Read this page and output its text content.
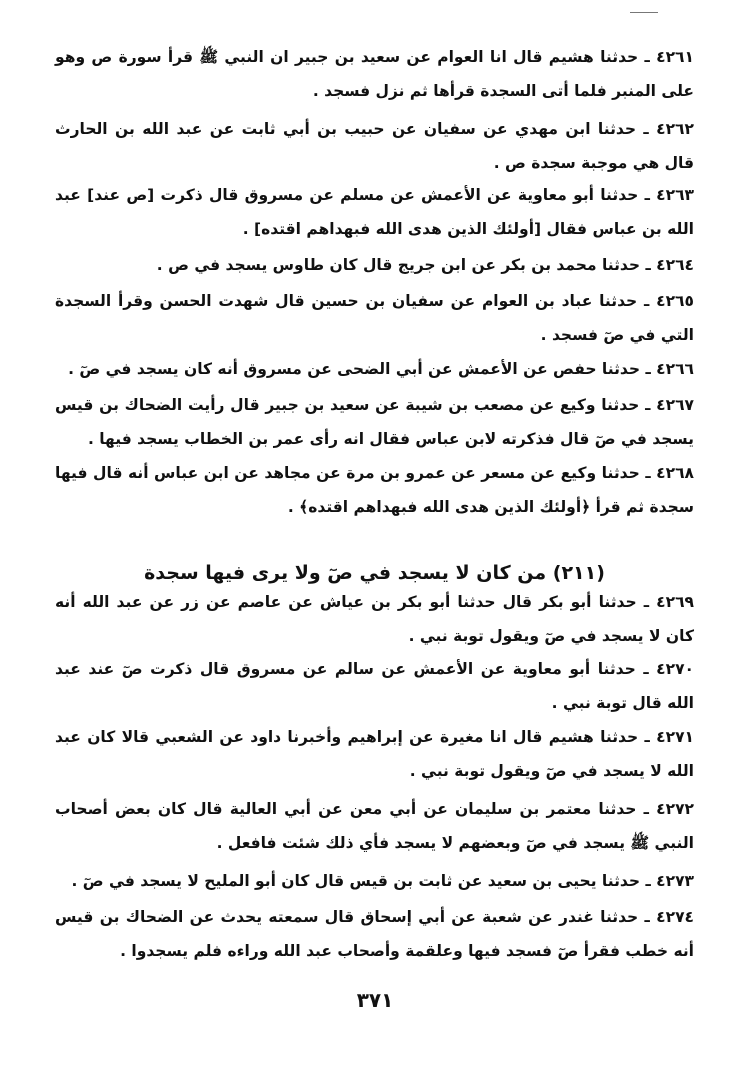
٤٢٦١ ـ حدثنا هشيم قال انا العوام عن سعيد بن جبير ان النبي ﷺ قرأ سورة ص وهو على المنبر فلما أتى السجدة قرأها ثم نزل فسجد .
٤٢٦٢ ـ حدثنا ابن مهدي عن سفيان عن حبيب بن أبي ثابت عن عبد الله بن الحارث قال هي موجبة سجدة ص .
٤٢٦٣ ـ حدثنا أبو معاوية عن الأعمش عن مسلم عن مسروق قال ذكرت [ص عند] عبد الله بن عباس فقال [أولئك الذين هدى الله فبهداهم اقتده] .
٤٢٦٤ ـ حدثنا محمد بن بكر عن ابن جريج قال كان طاوس يسجد في ص .
٤٢٦٥ ـ حدثنا عباد بن العوام عن سفيان بن حسين قال شهدت الحسن وقرأ السجدة التي في صٓ فسجد .
٤٢٦٦ ـ حدثنا حفص عن الأعمش عن أبي الضحى عن مسروق أنه كان يسجد في صٓ .
٤٢٦٧ ـ حدثنا وكيع عن مصعب بن شيبة عن سعيد بن جبير قال رأيت الضحاك بن قيس يسجد في صٓ قال فذكرته لابن عباس فقال انه رأى عمر بن الخطاب يسجد فيها .
٤٢٦٨ ـ حدثنا وكيع عن مسعر عن عمرو بن مرة عن مجاهد عن ابن عباس أنه قال فيها سجدة ثم قرأ ﴿أولئك الذين هدى الله فبهداهم اقتده﴾ .
(٢١١) من كان لا يسجد في صٓ ولا يرى فيها سجدة
٤٢٦٩ ـ حدثنا أبو بكر قال حدثنا أبو بكر بن عياش عن عاصم عن زر عن عبد الله أنه كان لا يسجد في صٓ ويقول توبة نبي .
٤٢٧٠ ـ حدثنا أبو معاوية عن الأعمش عن سالم عن مسروق قال ذكرت صٓ عند عبد الله قال توبة نبي .
٤٢٧١ ـ حدثنا هشيم قال انا مغيرة عن إبراهيم وأخبرنا داود عن الشعبي قالا كان عبد الله لا يسجد في صٓ ويقول توبة نبي .
٤٢٧٢ ـ حدثنا معتمر بن سليمان عن أبي معن عن أبي العالية قال كان بعض أصحاب النبي ﷺ يسجد في صٓ وبعضهم لا يسجد فأي ذلك شئت فافعل .
٤٢٧٣ ـ حدثنا يحيى بن سعيد عن ثابت بن قيس قال كان أبو المليح لا يسجد في صٓ .
٤٢٧٤ ـ حدثنا غندر عن شعبة عن أبي إسحاق قال سمعته يحدث عن الضحاك بن قيس أنه خطب فقرأ صٓ فسجد فيها وعلقمة وأصحاب عبد الله وراءه فلم يسجدوا .
٣٧١
